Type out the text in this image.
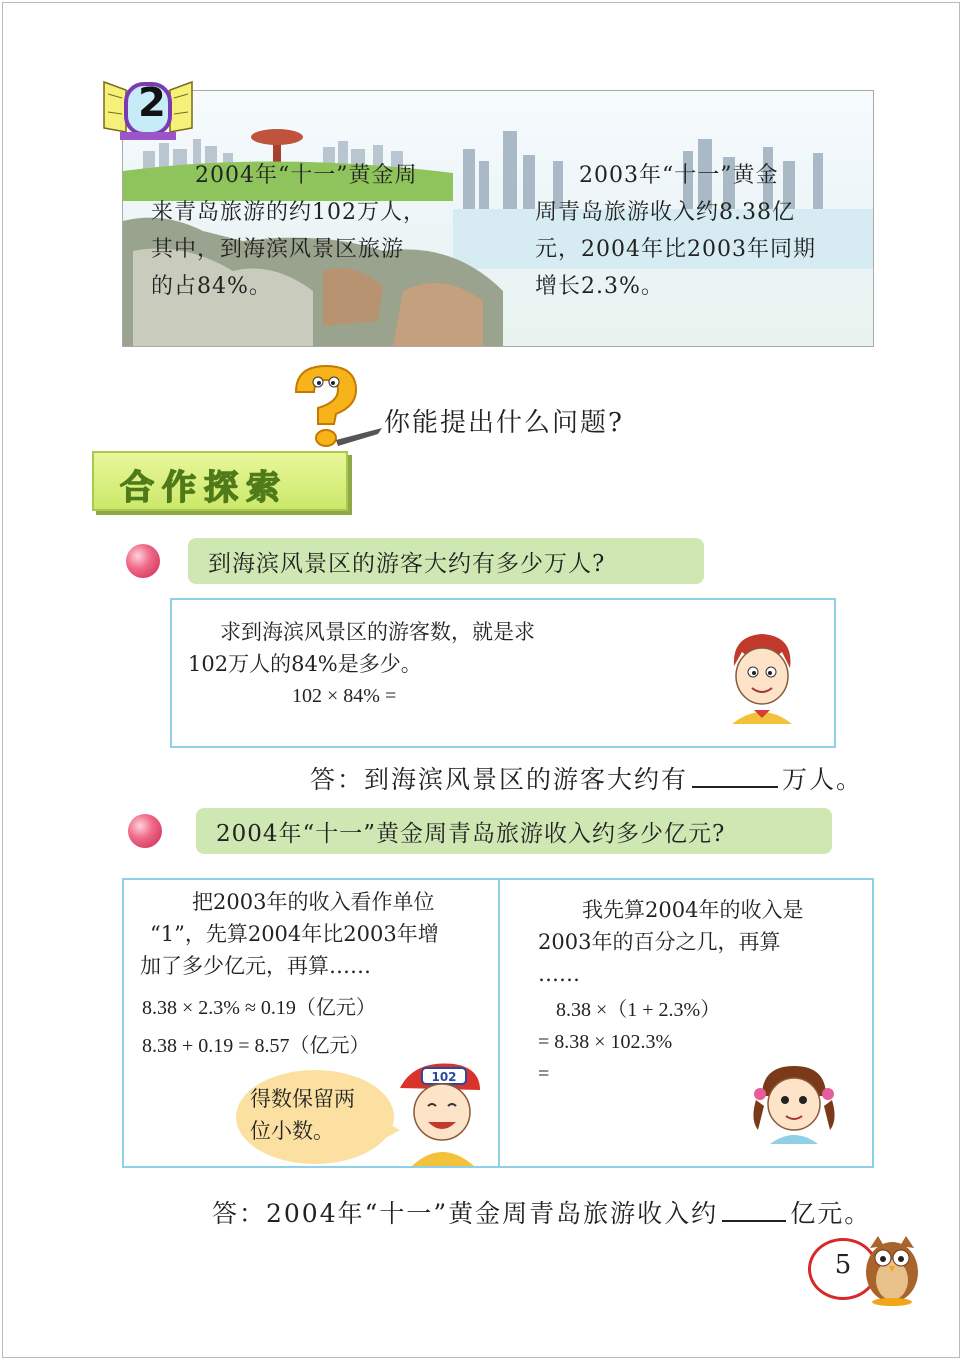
2004年“十一”黄金周
来青岛旅游的约102万人，
其中，到海滨风景区旅游
的占84%。
2003年“十一”黄金
周青岛旅游收入约8.38亿
元，2004年比2003年同期
增长2.3%。
2
你能提出什么问题?
合作探索
到海滨风景区的游客大约有多少万人?
求到海滨风景区的游客数，就是求
102万人的84%是多少。
102 × 84% =
答：到海滨风景区的游客大约有	万人。
2004年“十一”黄金周青岛旅游收入约多少亿元?
把2003年的收入看作单位
“1”，先算2004年比2003年增
加了多少亿元，再算……
8.38 × 2.3% ≈ 0.19（亿元）
8.38 + 0.19 = 8.57（亿元）
得数保留两
位小数。
102
我先算2004年的收入是
2003年的百分之几，再算
……
8.38 ×（1 + 2.3%）
= 8.38 × 102.3%
=
答：2004年“十一”黄金周青岛旅游收入约	亿元。
5
